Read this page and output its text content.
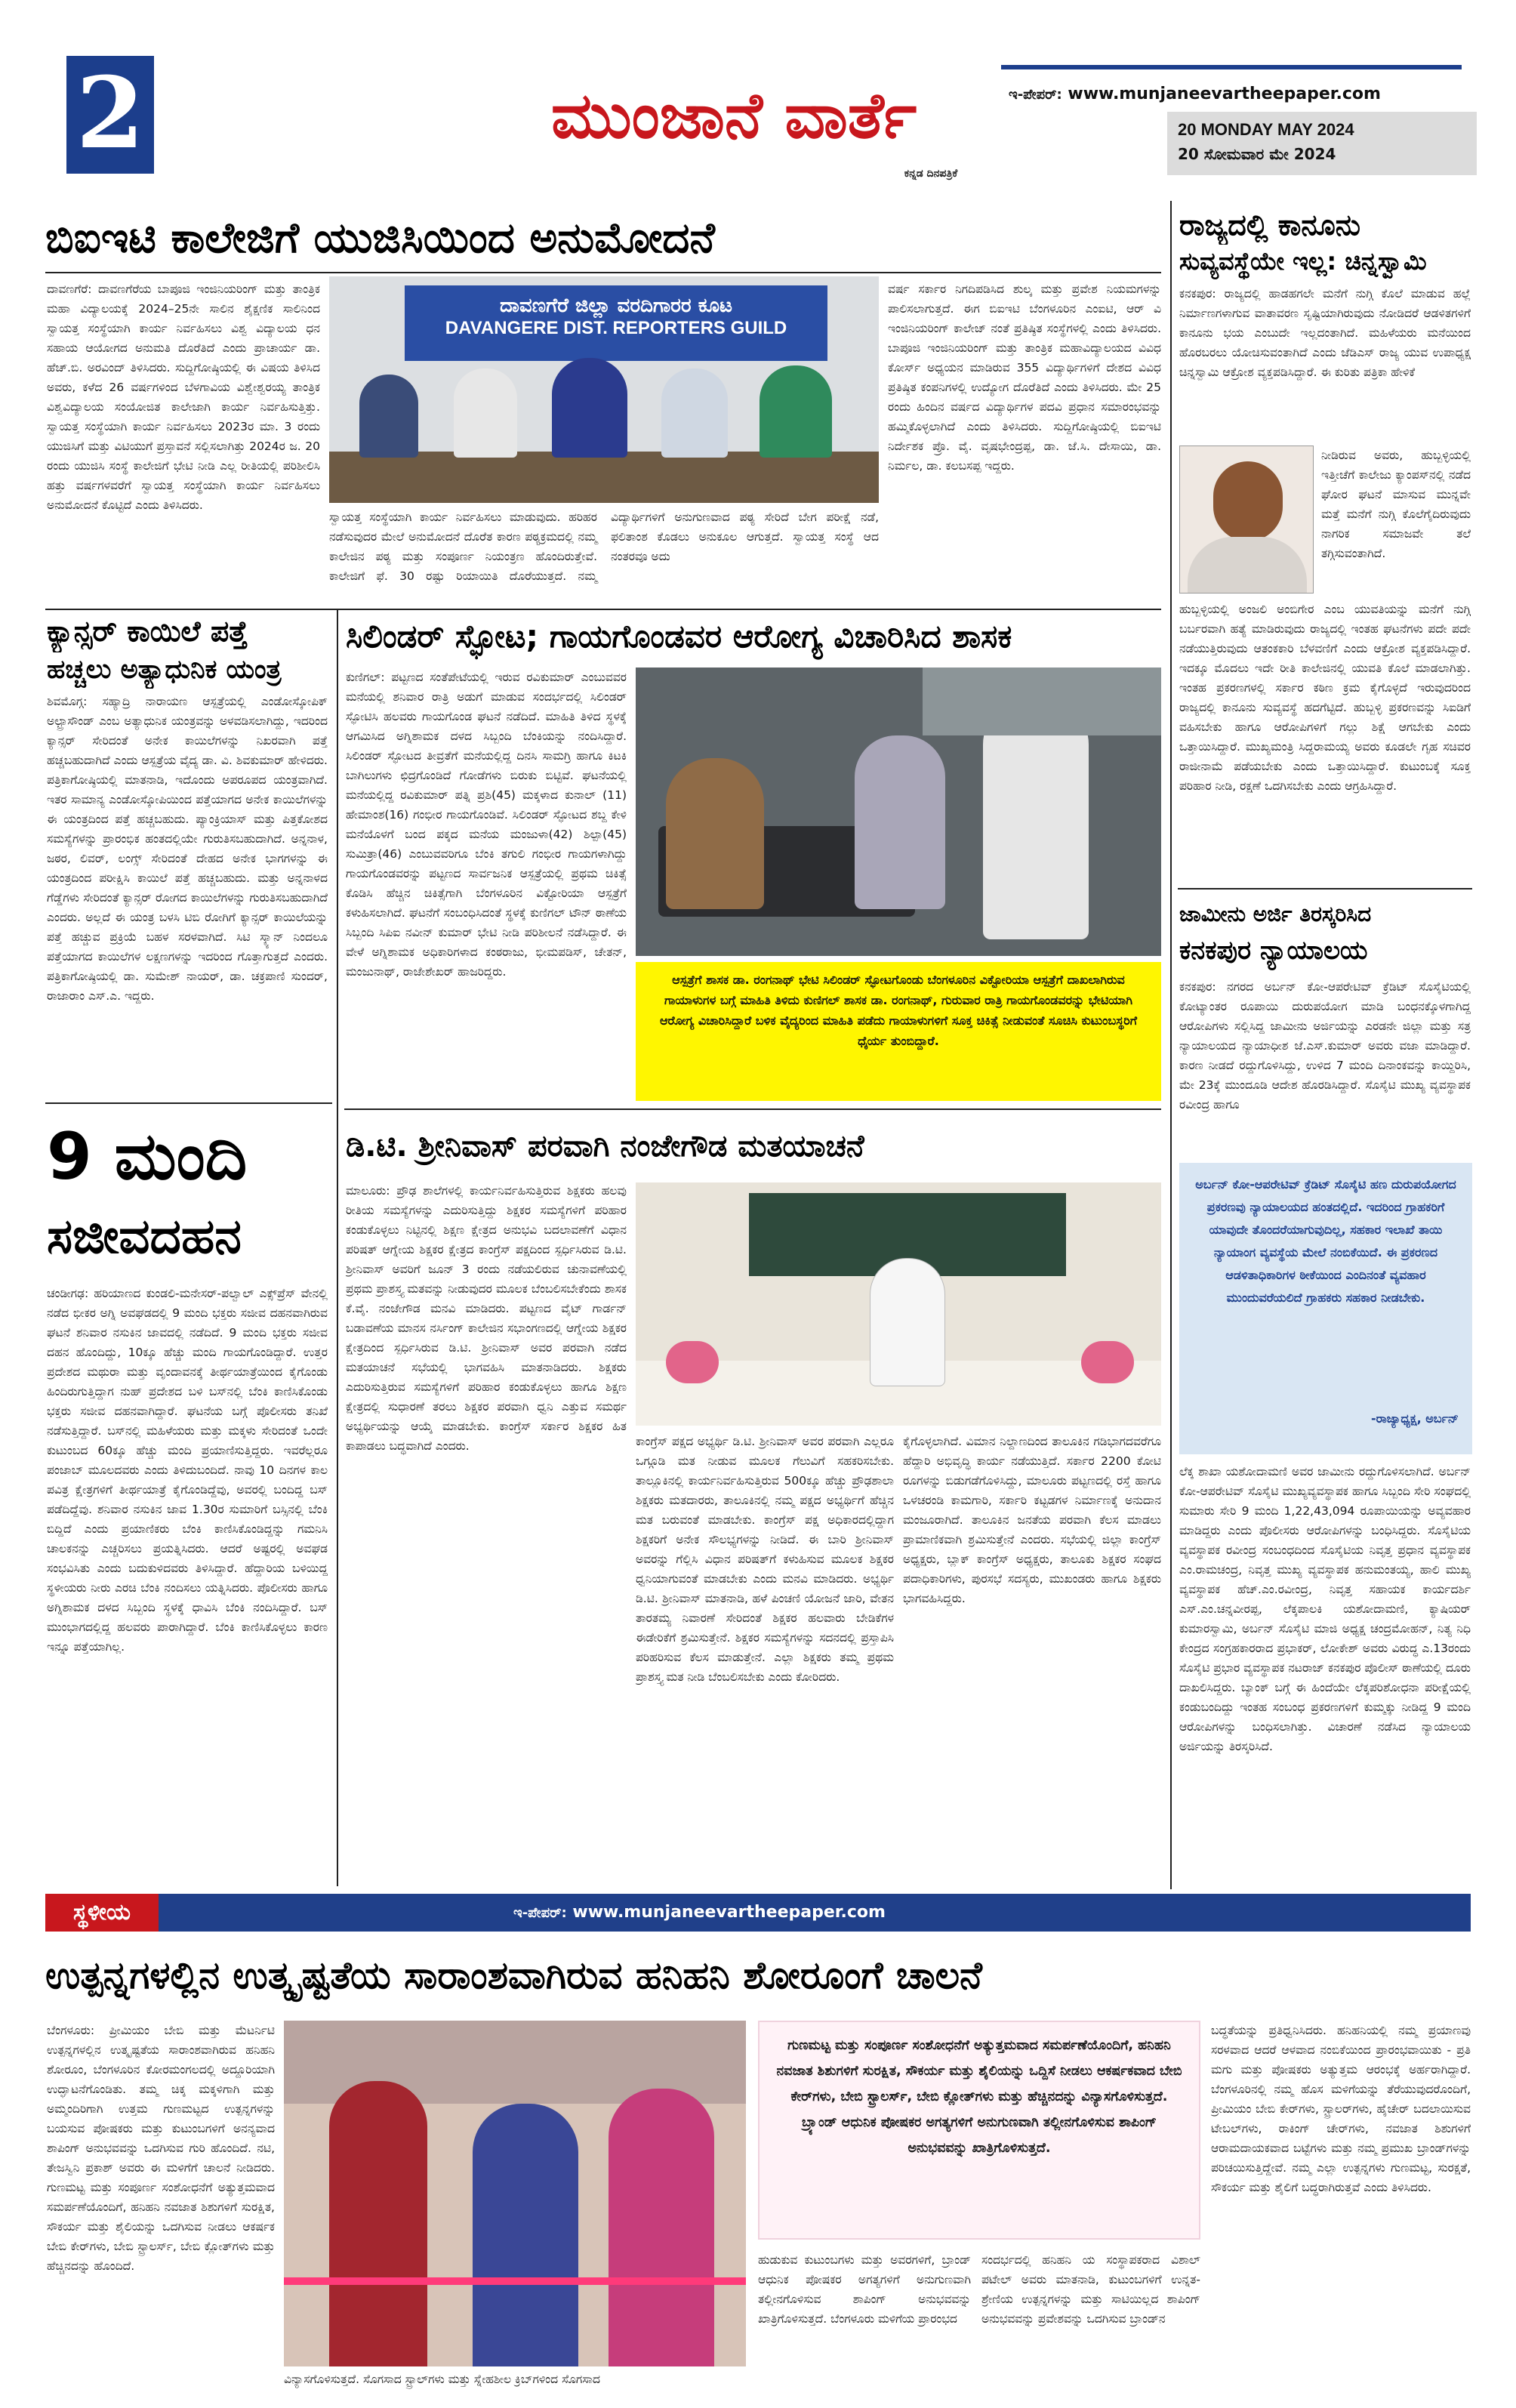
2	ಮುಂಜಾನೆ ವಾರ್ತೆ
ಕನ್ನಡ ದಿನಪತ್ರಿಕೆ
ಇ-ಪೇಪರ್: www.munjaneevartheepaper.com
20 MONDAY MAY 2024
20 ಸೋಮವಾರ ಮೇ 2024
ಬಿಐಇಟಿ ಕಾಲೇಜಿಗೆ ಯುಜಿಸಿಯಿಂದ ಅನುಮೋದನೆ
ದಾವಣಗೆರೆ: ದಾವಣಗೆರೆಯ ಬಾಪೂಜಿ ಇಂಜಿನಿಯರಿಂಗ್ ಮತ್ತು ತಾಂತ್ರಿಕ ಮಹಾ ವಿದ್ಯಾಲಯಕ್ಕೆ 2024–25ನೇ ಸಾಲಿನ ಶೈಕ್ಷಣಿಕ ಸಾಲಿನಿಂದ ಸ್ವಾಯತ್ತ ಸಂಸ್ಥೆಯಾಗಿ ಕಾರ್ಯ ನಿರ್ವಹಿಸಲು ವಿಶ್ವ ವಿದ್ಯಾಲಯ ಧನ ಸಹಾಯ ಆಯೋಗದ ಅನುಮತಿ ದೊರೆತಿದೆ ಎಂದು ಪ್ರಾಚಾರ್ಯ ಡಾ. ಹೆಚ್.ಬಿ. ಅರವಿಂದ್ ತಿಳಿಸಿದರು. ಸುದ್ದಿಗೋಷ್ಠಿಯಲ್ಲಿ ಈ ವಿಷಯ ತಿಳಿಸಿದ ಅವರು, ಕಳೆದ 26 ವರ್ಷಗಳಿಂದ ಬೆಳಗಾವಿಯ ವಿಶ್ವೇಶ್ವರಯ್ಯ ತಾಂತ್ರಿಕ ವಿಶ್ವವಿದ್ಯಾಲಯ ಸಂಯೋಜಿತ ಕಾಲೇಜಾಗಿ ಕಾರ್ಯ ನಿರ್ವಹಿಸುತ್ತಿತ್ತು. ಸ್ವಾಯತ್ತ ಸಂಸ್ಥೆಯಾಗಿ ಕಾರ್ಯ ನಿರ್ವಹಿಸಲು 2023ರ ಮಾ. 3 ರಂದು ಯುಜಿಸಿಗೆ ಮತ್ತು ವಿಟಿಯುಗೆ ಪ್ರಸ್ತಾವನೆ ಸಲ್ಲಿಸಲಾಗಿತ್ತು 2024ರ ಜ. 20 ರಂದು ಯುಜಿಸಿ ಸಂಸ್ಥೆ ಕಾಲೇಜಿಗೆ ಭೇಟಿ ನೀಡಿ ಎಲ್ಲ ರೀತಿಯಲ್ಲಿ ಪರಿಶೀಲಿಸಿ ಹತ್ತು ವರ್ಷಗಳವರೆಗೆ ಸ್ವಾಯತ್ತ ಸಂಸ್ಥೆಯಾಗಿ ಕಾರ್ಯ ನಿರ್ವಹಿಸಲು ಅನುಮೋದನೆ ಕೊಟ್ಟಿದೆ ಎಂದು ತಿಳಿಸಿದರು.
ದಾವಣಗೆರೆ ಜಿಲ್ಲಾ ವರದಿಗಾರರ ಕೂಟ
DAVANGERE DIST. REPORTERS GUILD
ಸ್ವಾಯತ್ತ ಸಂಸ್ಥೆಯಾಗಿ ಕಾರ್ಯ ನಿರ್ವಹಿಸಲು ಮಾಡುವುದು. ಹರಿಹರ ನಡೆಸುವುದರ ಮೇಲೆ ಅನುಮೋದನೆ ದೊರೆತ ಕಾರಣ ಪಠ್ಯಕ್ರಮದಲ್ಲಿ ನಮ್ಮ ಕಾಲೇಜಿನ ಪಠ್ಯ ಮತ್ತು ಸಂಪೂರ್ಣ ನಿಯಂತ್ರಣ ಹೊಂದಿರುತ್ತೇವೆ. ಕಾಲೇಜಿಗೆ ಫೆ. 30 ರಷ್ಟು ರಿಯಾಯಿತಿ ದೊರೆಯುತ್ತದೆ. ನಮ್ಮ ವಿದ್ಯಾರ್ಥಿಗಳಿಗೆ ಅನುಗುಣವಾದ ಪಠ್ಯ ಸೇರಿದೆ ಬೇಗ ಪರೀಕ್ಷೆ ನಡೆ, ಫಲಿತಾಂಶ ಕೊಡಲು ಅನುಕೂಲ ಆಗುತ್ತದೆ. ಸ್ವಾಯತ್ತ ಸಂಸ್ಥೆ ಆದ ನಂತರವೂ ಅದು
ವರ್ಷ ಸರ್ಕಾರ ನಿಗದಿಪಡಿಸಿದ ಶುಲ್ಕ ಮತ್ತು ಪ್ರವೇಶ ನಿಯಮಗಳನ್ನು ಪಾಲಿಸಲಾಗುತ್ತದೆ. ಈಗ ಬಿಐಇಟಿ ಬೆಂಗಳೂರಿನ ಎಂಐಟಿ, ಆರ್ ವಿ ಇಂಜಿನಿಯರಿಂಗ್ ಕಾಲೇಜ್ ನಂತೆ ಪ್ರತಿಷ್ಠಿತ ಸಂಸ್ಥೆಗಳಲ್ಲಿ ಎಂದು ತಿಳಿಸಿದರು. ಬಾಪೂಜಿ ಇಂಜಿನಿಯರಿಂಗ್ ಮತ್ತು ತಾಂತ್ರಿಕ ಮಹಾವಿದ್ಯಾಲಯದ ವಿವಿಧ ಕೋರ್ಸ್ ಅಧ್ಯಯನ ಮಾಡಿರುವ 355 ವಿದ್ಯಾರ್ಥಿಗಳಿಗೆ ದೇಶದ ವಿವಿಧ ಪ್ರತಿಷ್ಠಿತ ಕಂಪನಿಗಳಲ್ಲಿ ಉದ್ಯೋಗ ದೊರೆತಿದೆ ಎಂದು ತಿಳಿಸಿದರು. ಮೇ 25 ರಂದು ಹಿಂದಿನ ವರ್ಷದ ವಿದ್ಯಾರ್ಥಿಗಳ ಪದವಿ ಪ್ರಧಾನ ಸಮಾರಂಭವನ್ನು ಹಮ್ಮಿಕೊಳ್ಳಲಾಗಿದೆ ಎಂದು ತಿಳಿಸಿದರು. ಸುದ್ದಿಗೋಷ್ಠಿಯಲ್ಲಿ ಬಿಐಇಟಿ ನಿರ್ದೇಶಕ ಪ್ರೊ. ವೈ. ವೃಷಭೇಂದ್ರಪ್ಪ, ಡಾ. ಜೆ.ಸಿ. ದೇಸಾಯಿ, ಡಾ. ನಿರ್ಮಲ, ಡಾ. ಕಲಬಸಪ್ಪ ಇದ್ದರು.
ರಾಜ್ಯದಲ್ಲಿ ಕಾನೂನು
ಸುವ್ಯವಸ್ಥೆಯೇ ಇಲ್ಲ: ಚಿನ್ನಸ್ವಾಮಿ
ಕನಕಪುರ: ರಾಜ್ಯದಲ್ಲಿ ಹಾಡಹಗಲೇ ಮನೆಗೆ ನುಗ್ಗಿ ಕೊಲೆ ಮಾಡುವ ಹಲ್ಲೆ ನಿರ್ಮಾಣಗಳಾಗುವ ವಾತಾವರಣ ಸೃಷ್ಟಿಯಾಗಿರುವುದು ನೋಡಿದರೆ ಆಡಳಿತಗಳಿಗೆ ಕಾನೂನು ಭಯ ಎಂಬುದೇ ಇಲ್ಲದಂತಾಗಿದೆ. ಮಹಿಳೆಯರು ಮನೆಯಿಂದ ಹೊರಬರಲು ಯೋಚಿಸುವಂತಾಗಿದೆ ಎಂದು ಜೆಡಿಎಸ್ ರಾಜ್ಯ ಯುವ ಉಪಾಧ್ಯಕ್ಷ ಚಿನ್ನಸ್ವಾಮಿ ಆಕ್ರೋಶ ವ್ಯಕ್ತಪಡಿಸಿದ್ದಾರೆ. ಈ ಕುರಿತು ಪತ್ರಿಕಾ ಹೇಳಿಕೆ
ನೀಡಿರುವ ಅವರು, ಹುಬ್ಬಳ್ಳಿಯಲ್ಲಿ ಇತ್ತೀಚೆಗೆ ಕಾಲೇಜು ಕ್ಯಾಂಪಸ್‌ನಲ್ಲಿ ನಡೆದ ಘೋರ ಘಟನೆ ಮಾಸುವ ಮುನ್ನವೇ ಮತ್ತೆ ಮನೆಗೆ ನುಗ್ಗಿ ಕೊಲೆಗೈದಿರುವುದು ನಾಗರಿಕ ಸಮಾಜವೇ ತಲೆ ತಗ್ಗಿಸುವಂತಾಗಿದೆ.
ಹುಬ್ಬಳ್ಳಿಯಲ್ಲಿ ಅಂಜಲಿ ಅಂಬಿಗೇರ ಎಂಬ ಯುವತಿಯನ್ನು ಮನೆಗೆ ನುಗ್ಗಿ ಬರ್ಬರವಾಗಿ ಹತ್ಯೆ ಮಾಡಿರುವುದು ರಾಜ್ಯದಲ್ಲಿ ಇಂತಹ ಘಟನೆಗಳು ಪದೇ ಪದೇ ನಡೆಯುತ್ತಿರುವುದು ಆತಂಕಕಾರಿ ಬೆಳವಣಿಗೆ ಎಂದು ಆಕ್ರೋಶ ವ್ಯಕ್ತಪಡಿಸಿದ್ದಾರೆ. ಇದಕ್ಕೂ ಮೊದಲು ಇದೇ ರೀತಿ ಕಾಲೇಜಿನಲ್ಲಿ ಯುವತಿ ಕೊಲೆ ಮಾಡಲಾಗಿತ್ತು. ಇಂತಹ ಪ್ರಕರಣಗಳಲ್ಲಿ ಸರ್ಕಾರ ಕಠಿಣ ಕ್ರಮ ಕೈಗೊಳ್ಳದೆ ಇರುವುದರಿಂದ ರಾಜ್ಯದಲ್ಲಿ ಕಾನೂನು ಸುವ್ಯವಸ್ಥೆ ಹದಗೆಟ್ಟಿದೆ. ಹುಬ್ಬಳ್ಳಿ ಪ್ರಕರಣವನ್ನು ಸಿಐಡಿಗೆ ವಹಿಸಬೇಕು ಹಾಗೂ ಆರೋಪಿಗಳಿಗೆ ಗಲ್ಲು ಶಿಕ್ಷೆ ಆಗಬೇಕು ಎಂದು ಒತ್ತಾಯಿಸಿದ್ದಾರೆ. ಮುಖ್ಯಮಂತ್ರಿ ಸಿದ್ದರಾಮಯ್ಯ ಅವರು ಕೂಡಲೇ ಗೃಹ ಸಚಿವರ ರಾಜೀನಾಮೆ ಪಡೆಯಬೇಕು ಎಂದು ಒತ್ತಾಯಿಸಿದ್ದಾರೆ. ಕುಟುಂಬಕ್ಕೆ ಸೂಕ್ತ ಪರಿಹಾರ ನೀಡಿ, ರಕ್ಷಣೆ ಒದಗಿಸಬೇಕು ಎಂದು ಆಗ್ರಹಿಸಿದ್ದಾರೆ.
ಜಾಮೀನು ಅರ್ಜಿ ತಿರಸ್ಕರಿಸಿದ
ಕನಕಪುರ ನ್ಯಾಯಾಲಯ
ಕನಕಪುರ: ನಗರದ ಅರ್ಬನ್ ಕೋ-ಆಪರೇಟಿವ್ ಕ್ರೆಡಿಟ್ ಸೊಸೈಟಿಯಲ್ಲಿ ಕೋಟ್ಯಾಂತರ ರೂಪಾಯಿ ದುರುಪಯೋಗ ಮಾಡಿ ಬಂಧನಕ್ಕೊಳಗಾಗಿದ್ದ ಆರೋಪಿಗಳು ಸಲ್ಲಿಸಿದ್ದ ಜಾಮೀನು ಅರ್ಜಿಯನ್ನು ಎರಡನೇ ಜಿಲ್ಲಾ ಮತ್ತು ಸತ್ರ ನ್ಯಾಯಾಲಯದ ನ್ಯಾಯಾಧೀಶ ಜೆ.ಎಸ್.ಕುಮಾರ್ ಅವರು ವಜಾ ಮಾಡಿದ್ದಾರೆ. ಕಾರಣ ನೀಡದೆ ರದ್ದುಗೊಳಿಸಿದ್ದು, ಉಳಿದ 7 ಮಂದಿ ದಿನಾಂಕವನ್ನು ಕಾಯ್ದಿರಿಸಿ, ಮೇ 23ಕ್ಕೆ ಮುಂದೂಡಿ ಆದೇಶ ಹೊರಡಿಸಿದ್ದಾರೆ. ಸೊಸೈಟಿ ಮುಖ್ಯ ವ್ಯವಸ್ಥಾಪಕ ರವೀಂದ್ರ ಹಾಗೂ
ಅರ್ಬನ್ ಕೋ-ಆಪರೇಟಿವ್ ಕ್ರೆಡಿಟ್ ಸೊಸೈಟಿ ಹಣ ದುರುಪಯೋಗದ ಪ್ರಕರಣವು ನ್ಯಾಯಾಲಯದ ಹಂತದಲ್ಲಿದೆ. ಇದರಿಂದ ಗ್ರಾಹಕರಿಗೆ ಯಾವುದೇ ತೊಂದರೆಯಾಗುವುದಿಲ್ಲ, ಸಹಕಾರ ಇಲಾಖೆ ತಾಯಿ ನ್ಯಾಯಾಂಗ ವ್ಯವಸ್ಥೆಯ ಮೇಲೆ ನಂಬಿಕೆಯಿದೆ. ಈ ಪ್ರಕರಣದ ಆಡಳಿತಾಧಿಕಾರಿಗಳ ಠೀಕೆಯಿಂದ ಎಂದಿನಂತೆ ವ್ಯವಹಾರ ಮುಂದುವರೆಯಲಿದೆ ಗ್ರಾಹಕರು ಸಹಕಾರ ನೀಡಬೇಕು.
-ರಾಜ್ಯಾಧ್ಯಕ್ಷ, ಅರ್ಬನ್
ಲೆಕ್ಕ ಶಾಖಾ ಯಶೋದಾಮಣಿ ಅವರ ಜಾಮೀನು ರದ್ದುಗೊಳಿಸಲಾಗಿದೆ. ಅರ್ಬನ್ ಕೋ-ಆಪರೇಟಿವ್ ಸೊಸೈಟಿ ಮುಖ್ಯವ್ಯವಸ್ಥಾಪಕ ಹಾಗೂ ಸಿಬ್ಬಂದಿ ಸೇರಿ ಸಂಘದಲ್ಲಿ ಸುಮಾರು ಸೇರಿ 9 ಮಂದಿ 1,22,43,094 ರೂಪಾಯಿಯನ್ನು ಅವ್ಯವಹಾರ ಮಾಡಿದ್ದರು ಎಂದು ಪೊಲೀಸರು ಆರೋಪಿಗಳನ್ನು ಬಂಧಿಸಿದ್ದರು. ಸೊಸೈಟಿಯ ವ್ಯವಸ್ಥಾಪಕ ರವೀಂದ್ರ ಸಂಬಂಧದಿಂದ ಸೊಸೈಟಿಯ ನಿವೃತ್ತ ಪ್ರಧಾನ ವ್ಯವಸ್ಥಾಪಕ ಎಂ.ರಾಮಚಂದ್ರ, ನಿವೃತ್ತ ಮುಖ್ಯ ವ್ಯವಸ್ಥಾಪಕ ಹನುಮಂತಯ್ಯ, ಹಾಲಿ ಮುಖ್ಯ ವ್ಯವಸ್ಥಾಪಕ ಹೆಚ್.ಎಂ.ರವೀಂದ್ರ, ನಿವೃತ್ತ ಸಹಾಯಕ ಕಾರ್ಯದರ್ಶಿ ಎಸ್.ಎಂ.ಚನ್ನವೀರಪ್ಪ, ಲೆಕ್ಕಪಾಲಕಿ ಯಶೋದಾಮಣಿ, ಕ್ಯಾಷಿಯರ್ ಕುಮಾರಸ್ವಾಮಿ, ಅರ್ಬನ್ ಸೊಸೈಟಿ ಮಾಜಿ ಅಧ್ಯಕ್ಷ ಚಂದ್ರಮೋಹನ್, ನಿತ್ಯ ನಿಧಿ ಕೇಂದ್ರದ ಸಂಗ್ರಹಕಾರರಾದ ಪ್ರಭಾಕರ್, ಲೋಕೇಶ್ ಅವರು ವಿರುದ್ಧ ಎ.13ರಂದು ಸೊಸೈಟಿ ಪ್ರಭಾರ ವ್ಯವಸ್ಥಾಪಕ ನಟರಾಜ್ ಕನಕಪುರ ಪೊಲೀಸ್ ಠಾಣೆಯಲ್ಲಿ ದೂರು ದಾಖಲಿಸಿದ್ದರು. ಬ್ಯಾಂಕ್ ಬಗ್ಗೆ ಈ ಹಿಂದೆಯೇ ಲೆಕ್ಕಪರಿಶೋಧನಾ ಪರೀಕ್ಷೆಯಲ್ಲಿ ಕಂಡುಬಂದಿದ್ದು ಇಂತಹ ಸಂಬಂಧ ಪ್ರಕರಣಗಳಿಗೆ ಕುಮ್ಮಕ್ಕು ನೀಡಿದ್ದ 9 ಮಂದಿ ಆರೋಪಿಗಳನ್ನು ಬಂಧಿಸಲಾಗಿತ್ತು. ವಿಚಾರಣೆ ನಡೆಸಿದ ನ್ಯಾಯಾಲಯ ಅರ್ಜಿಯನ್ನು ತಿರಸ್ಕರಿಸಿದೆ.
ಕ್ಯಾನ್ಸರ್ ಕಾಯಿಲೆ ಪತ್ತೆ
ಹಚ್ಚಲು ಅತ್ಯಾಧುನಿಕ ಯಂತ್ರ
ಶಿವಮೊಗ್ಗ: ಸಹ್ಯಾದ್ರಿ ನಾರಾಯಣ ಆಸ್ಪತ್ರೆಯಲ್ಲಿ ಎಂಡೋಸ್ಕೋಪಿಕ್ ಅಲ್ಟ್ರಾಸೌಂಡ್ ಎಂಬ ಅತ್ಯಾಧುನಿಕ ಯಂತ್ರವನ್ನು ಅಳವಡಿಸಲಾಗಿದ್ದು, ಇದರಿಂದ ಕ್ಯಾನ್ಸರ್ ಸೇರಿದಂತೆ ಅನೇಕ ಕಾಯಿಲೆಗಳನ್ನು ನಿಖರವಾಗಿ ಪತ್ತೆ ಹಚ್ಚಬಹುದಾಗಿದೆ ಎಂದು ಆಸ್ಪತ್ರೆಯ ವೈದ್ಯ ಡಾ. ವಿ. ಶಿವಕುಮಾರ್ ಹೇಳಿದರು. ಪತ್ರಿಕಾಗೋಷ್ಠಿಯಲ್ಲಿ ಮಾತನಾಡಿ, ಇದೊಂದು ಅಪರೂಪದ ಯಂತ್ರವಾಗಿದೆ. ಇತರ ಸಾಮಾನ್ಯ ಎಂಡೋಸ್ಕೋಪಿಯಿಂದ ಪತ್ತೆಯಾಗದ ಅನೇಕ ಕಾಯಿಲೆಗಳನ್ನು ಈ ಯಂತ್ರದಿಂದ ಪತ್ತೆ ಹಚ್ಚಬಹುದು. ಪ್ಯಾಂಕ್ರಿಯಾಸ್ ಮತ್ತು ಪಿತ್ತಕೋಶದ ಸಮಸ್ಯೆಗಳನ್ನು ಪ್ರಾರಂಭಿಕ ಹಂತದಲ್ಲಿಯೇ ಗುರುತಿಸಬಹುದಾಗಿದೆ. ಅನ್ನನಾಳ, ಜಠರ, ಲಿವರ್, ಲಂಗ್ಸ್ ಸೇರಿದಂತೆ ದೇಹದ ಅನೇಕ ಭಾಗಗಳನ್ನು ಈ ಯಂತ್ರದಿಂದ ಪರೀಕ್ಷಿಸಿ ಕಾಯಿಲೆ ಪತ್ತೆ ಹಚ್ಚಬಹುದು. ಮತ್ತು ಅನ್ನನಾಳದ ಗೆಡ್ಡೆಗಳು ಸೇರಿದಂತೆ ಕ್ಯಾನ್ಸರ್ ರೋಗದ ಕಾಯಿಲೆಗಳನ್ನು ಗುರುತಿಸಬಹುದಾಗಿದೆ ಎಂದರು. ಅಲ್ಲದೆ ಈ ಯಂತ್ರ ಬಳಸಿ ಟಿಬಿ ರೋಗಿಗೆ ಕ್ಯಾನ್ಸರ್ ಕಾಯಿಲೆಯನ್ನು ಪತ್ತೆ ಹಚ್ಚುವ ಪ್ರಕ್ರಿಯೆ ಬಹಳ ಸರಳವಾಗಿದೆ. ಸಿಟಿ ಸ್ಕ್ಯಾನ್ ನಿಂದಲೂ ಪತ್ತೆಯಾಗದ ಕಾಯಿಲೆಗಳ ಲಕ್ಷಣಗಳನ್ನು ಇದರಿಂದ ಗೊತ್ತಾಗುತ್ತದೆ ಎಂದರು. ಪತ್ರಿಕಾಗೋಷ್ಠಿಯಲ್ಲಿ ಡಾ. ಸುಮೇಶ್ ನಾಯರ್, ಡಾ. ಚಕ್ರಪಾಣಿ ಸುಂದರ್, ರಾಜಾರಾಂ ಎಸ್.ಎ. ಇದ್ದರು.
ಸಿಲಿಂಡರ್ ಸ್ಫೋಟ; ಗಾಯಗೊಂಡವರ ಆರೋಗ್ಯ ವಿಚಾರಿಸಿದ ಶಾಸಕ
ಕುಣಿಗಲ್: ಪಟ್ಟಣದ ಸಂತೆಪೇಟೆಯಲ್ಲಿ ಇರುವ ರವಿಕುಮಾರ್ ಎಂಬುವವರ ಮನೆಯಲ್ಲಿ ಶನಿವಾರ ರಾತ್ರಿ ಅಡುಗೆ ಮಾಡುವ ಸಂದರ್ಭದಲ್ಲಿ ಸಿಲಿಂಡರ್ ಸ್ಫೋಟಿಸಿ ಹಲವರು ಗಾಯಗೊಂಡ ಘಟನೆ ನಡೆದಿದೆ. ಮಾಹಿತಿ ತಿಳಿದ ಸ್ಥಳಕ್ಕೆ ಆಗಮಿಸಿದ ಅಗ್ನಿಶಾಮಕ ದಳದ ಸಿಬ್ಬಂದಿ ಬೆಂಕಿಯನ್ನು ನಂದಿಸಿದ್ದಾರೆ. ಸಿಲಿಂಡರ್ ಸ್ಫೋಟದ ತೀವ್ರತೆಗೆ ಮನೆಯಲ್ಲಿದ್ದ ದಿನಸಿ ಸಾಮಗ್ರಿ ಹಾಗೂ ಕಿಟಕಿ ಬಾಗಿಲುಗಳು ಛಿದ್ರಗೊಂಡಿದೆ ಗೋಡೆಗಳು ಬಿರುಕು ಬಿಟ್ಟಿವೆ. ಘಟನೆಯಲ್ಲಿ ಮನೆಯಲ್ಲಿದ್ದ ರವಿಕುಮಾರ್ ಪತ್ನಿ ಪ್ರಶಿ(45) ಮಕ್ಕಳಾದ ಕುನಾಲ್ (11) ಹೇಮಾಂಶ(16) ಗಂಭೀರ ಗಾಯಗೊಂಡಿವೆ. ಸಿಲಿಂಡರ್ ಸ್ಫೋಟದ ಶಬ್ದ ಕೇಳಿ ಮನೆಯೊಳಗೆ ಬಂದ ಪಕ್ಕದ ಮನೆಯ ಮಂಜುಳಾ(42) ಶಿಲ್ಪಾ(45) ಸುಮಿತ್ರಾ(46) ಎಂಬುವವರಿಗೂ ಬೆಂಕಿ ತಗುಲಿ ಗಂಭೀರ ಗಾಯಗಳಾಗಿದ್ದು ಗಾಯಗೊಂಡವರನ್ನು ಪಟ್ಟಣದ ಸಾರ್ವಜನಿಕ ಆಸ್ಪತ್ರೆಯಲ್ಲಿ ಪ್ರಥಮ ಚಿಕಿತ್ಸೆ ಕೊಡಿಸಿ ಹೆಚ್ಚಿನ ಚಿಕಿತ್ಸೆಗಾಗಿ ಬೆಂಗಳೂರಿನ ವಿಕ್ಟೋರಿಯಾ ಆಸ್ಪತ್ರೆಗೆ ಕಳುಹಿಸಲಾಗಿದೆ. ಘಟನೆಗೆ ಸಂಬಂಧಿಸಿದಂತೆ ಸ್ಥಳಕ್ಕೆ ಕುಣಿಗಲ್ ಟೌನ್ ಠಾಣೆಯ ಸಿಬ್ಬಂದಿ ಸಿಪಿಐ ನವೀನ್ ಕುಮಾರ್ ಭೇಟಿ ನೀಡಿ ಪರಿಶೀಲನೆ ನಡೆಸಿದ್ದಾರೆ. ಈ ವೇಳೆ ಅಗ್ನಿಶಾಮಕ ಅಧಿಕಾರಿಗಳಾದ ಕಂಠರಾಜು, ಭೀಮಪಡಿಸ್, ಚೇತನ್, ಮಂಜುನಾಥ್, ರಾಜೇಶೇಖರ್ ಹಾಜರಿದ್ದರು.
ಆಸ್ಪತ್ರೆಗೆ ಶಾಸಕ ಡಾ. ರಂಗನಾಥ್ ಭೇಟಿ ಸಿಲಿಂಡರ್ ಸ್ಫೋಟಗೊಂಡು ಬೆಂಗಳೂರಿನ ವಿಕ್ಟೋರಿಯಾ ಆಸ್ಪತ್ರೆಗೆ ದಾಖಲಾಗಿರುವ ಗಾಯಾಳುಗಳ ಬಗ್ಗೆ ಮಾಹಿತಿ ತಿಳಿದು ಕುಣಿಗಲ್ ಶಾಸಕ ಡಾ. ರಂಗನಾಥ್, ಗುರುವಾರ ರಾತ್ರಿ ಗಾಯಗೊಂಡವರನ್ನು ಭೇಟಿಯಾಗಿ ಆರೋಗ್ಯ ವಿಚಾರಿಸಿದ್ದಾರೆ ಬಳಿಕ ವೈದ್ಯರಿಂದ ಮಾಹಿತಿ ಪಡೆದು ಗಾಯಾಳುಗಳಿಗೆ ಸೂಕ್ತ ಚಿಕಿತ್ಸೆ ನೀಡುವಂತೆ ಸೂಚಿಸಿ ಕುಟುಂಬಸ್ಥರಿಗೆ ಧೈರ್ಯ ತುಂಬಿದ್ದಾರೆ.
9 ಮಂದಿ
ಸಜೀವದಹನ
ಚಂಡೀಗಢ: ಹರಿಯಾಣದ ಕುಂಡಲಿ-ಮನೇಸರ್-ಪಲ್ವಾಲ್ ಎಕ್ಸ್‌ಪ್ರೆಸ್ ವೇನಲ್ಲಿ ನಡೆದ ಭೀಕರ ಅಗ್ನಿ ಅವಘಡದಲ್ಲಿ 9 ಮಂದಿ ಭಕ್ತರು ಸಜೀವ ದಹನವಾಗಿರುವ ಘಟನೆ ಶನಿವಾರ ನಸುಕಿನ ಜಾವದಲ್ಲಿ ನಡೆದಿದೆ. 9 ಮಂದಿ ಭಕ್ತರು ಸಜೀವ ದಹನ ಹೊಂದಿದ್ದು, 10ಕ್ಕೂ ಹೆಚ್ಚು ಮಂದಿ ಗಾಯಗೊಂಡಿದ್ದಾರೆ. ಉತ್ತರ ಪ್ರದೇಶದ ಮಥುರಾ ಮತ್ತು ವೃಂದಾವನಕ್ಕೆ ತೀರ್ಥಯಾತ್ರೆಯಿಂದ ಕೈಗೊಂಡು ಹಿಂದಿರುಗುತ್ತಿದ್ದಾಗ ನುಹ್ ಪ್ರದೇಶದ ಬಳಿ ಬಸ್‌ನಲ್ಲಿ ಬೆಂಕಿ ಕಾಣಿಸಿಕೊಂಡು ಭಕ್ತರು ಸಜೀವ ದಹನವಾಗಿದ್ದಾರೆ. ಘಟನೆಯ ಬಗ್ಗೆ ಪೊಲೀಸರು ತನಿಖೆ ನಡೆಸುತ್ತಿದ್ದಾರೆ. ಬಸ್‌ನಲ್ಲಿ ಮಹಿಳೆಯರು ಮತ್ತು ಮಕ್ಕಳು ಸೇರಿದಂತೆ ಒಂದೇ ಕುಟುಂಬದ 60ಕ್ಕೂ ಹೆಚ್ಚು ಮಂದಿ ಪ್ರಯಾಣಿಸುತ್ತಿದ್ದರು. ಇವರೆಲ್ಲರೂ ಪಂಜಾಬ್ ಮೂಲದವರು ಎಂದು ತಿಳಿದುಬಂದಿದೆ. ನಾವು 10 ದಿನಗಳ ಕಾಲ ಪವಿತ್ರ ಕ್ಷೇತ್ರಗಳಿಗೆ ತೀರ್ಥಯಾತ್ರೆ ಕೈಗೊಂಡಿದ್ದೆವು, ಅವರಲ್ಲಿ ಬಂದಿದ್ದ ಬಸ್ ಪಡೆದಿದ್ದೆವು. ಶನಿವಾರ ನಸುಕಿನ ಜಾವ 1.30ರ ಸುಮಾರಿಗೆ ಬಸ್ಸಿನಲ್ಲಿ ಬೆಂಕಿ ಬಿದ್ದಿದೆ ಎಂದು ಪ್ರಯಾಣಿಕರು ಬೆಂಕಿ ಕಾಣಿಸಿಕೊಂಡಿದ್ದನ್ನು ಗಮನಿಸಿ ಚಾಲಕನನ್ನು ಎಚ್ಚರಿಸಲು ಪ್ರಯತ್ನಿಸಿದರು. ಆದರೆ ಅಷ್ಟರಲ್ಲಿ ಅವಘಡ ಸಂಭವಿಸಿತು ಎಂದು ಬದುಕುಳಿದವರು ತಿಳಿಸಿದ್ದಾರೆ. ಹೆದ್ದಾರಿಯ ಬಳಿಯಿದ್ದ ಸ್ಥಳೀಯರು ನೀರು ಎರಚಿ ಬೆಂಕಿ ನಂದಿಸಲು ಯತ್ನಿಸಿದರು. ಪೊಲೀಸರು ಹಾಗೂ ಅಗ್ನಿಶಾಮಕ ದಳದ ಸಿಬ್ಬಂದಿ ಸ್ಥಳಕ್ಕೆ ಧಾವಿಸಿ ಬೆಂಕಿ ನಂದಿಸಿದ್ದಾರೆ. ಬಸ್ ಮುಂಭಾಗದಲ್ಲಿದ್ದ ಹಲವರು ಪಾರಾಗಿದ್ದಾರೆ. ಬೆಂಕಿ ಕಾಣಿಸಿಕೊಳ್ಳಲು ಕಾರಣ ಇನ್ನೂ ಪತ್ತೆಯಾಗಿಲ್ಲ.
ಡಿ.ಟಿ. ಶ್ರೀನಿವಾಸ್ ಪರವಾಗಿ ನಂಜೇಗೌಡ ಮತಯಾಚನೆ
ಮಾಲೂರು: ಪ್ರೌಢ ಶಾಲೆಗಳಲ್ಲಿ ಕಾರ್ಯನಿರ್ವಹಿಸುತ್ತಿರುವ ಶಿಕ್ಷಕರು ಹಲವು ರೀತಿಯ ಸಮಸ್ಯೆಗಳನ್ನು ಎದುರಿಸುತ್ತಿದ್ದು ಶಿಕ್ಷಕರ ಸಮಸ್ಯೆಗಳಿಗೆ ಪರಿಹಾರ ಕಂಡುಕೊಳ್ಳಲು ನಿಟ್ಟಿನಲ್ಲಿ ಶಿಕ್ಷಣ ಕ್ಷೇತ್ರದ ಅನುಭವಿ ಬದಲಾವಣೆಗೆ ವಿಧಾನ ಪರಿಷತ್ ಆಗ್ನೇಯ ಶಿಕ್ಷಕರ ಕ್ಷೇತ್ರದ ಕಾಂಗ್ರೆಸ್ ಪಕ್ಷದಿಂದ ಸ್ಪರ್ಧಿಸಿರುವ ಡಿ.ಟಿ. ಶ್ರೀನಿವಾಸ್ ಅವರಿಗೆ ಜೂನ್ 3 ರಂದು ನಡೆಯಲಿರುವ ಚುನಾವಣೆಯಲ್ಲಿ ಪ್ರಥಮ ಪ್ರಾಶಸ್ತ್ಯ ಮತವನ್ನು ನೀಡುವುದರ ಮೂಲಕ ಬೆಂಬಲಿಸಬೇಕೆಂದು ಶಾಸಕ ಕೆ.ವೈ. ನಂಜೇಗೌಡ ಮನವಿ ಮಾಡಿದರು. ಪಟ್ಟಣದ ವೈಟ್ ಗಾರ್ಡನ್ ಬಡಾವಣೆಯ ಮಾನಸ ನರ್ಸಿಂಗ್ ಕಾಲೇಜಿನ ಸಭಾಂಗಣದಲ್ಲಿ ಆಗ್ನೇಯ ಶಿಕ್ಷಕರ ಕ್ಷೇತ್ರದಿಂದ ಸ್ಪರ್ಧಿಸಿರುವ ಡಿ.ಟಿ. ಶ್ರೀನಿವಾಸ್ ಅವರ ಪರವಾಗಿ ನಡೆದ ಮತಯಾಚನೆ ಸಭೆಯಲ್ಲಿ ಭಾಗವಹಿಸಿ ಮಾತನಾಡಿದರು. ಶಿಕ್ಷಕರು ಎದುರಿಸುತ್ತಿರುವ ಸಮಸ್ಯೆಗಳಿಗೆ ಪರಿಹಾರ ಕಂಡುಕೊಳ್ಳಲು ಹಾಗೂ ಶಿಕ್ಷಣ ಕ್ಷೇತ್ರದಲ್ಲಿ ಸುಧಾರಣೆ ತರಲು ಶಿಕ್ಷಕರ ಪರವಾಗಿ ಧ್ವನಿ ಎತ್ತುವ ಸಮರ್ಥ ಅಭ್ಯರ್ಥಿಯನ್ನು ಆಯ್ಕೆ ಮಾಡಬೇಕು. ಕಾಂಗ್ರೆಸ್ ಸರ್ಕಾರ ಶಿಕ್ಷಕರ ಹಿತ ಕಾಪಾಡಲು ಬದ್ಧವಾಗಿದೆ ಎಂದರು.	ಕಾಂಗ್ರೆಸ್ ಪಕ್ಷದ ಅಭ್ಯರ್ಥಿ ಡಿ.ಟಿ. ಶ್ರೀನಿವಾಸ್ ಅವರ ಪರವಾಗಿ ಎಲ್ಲರೂ ಒಗ್ಗೂಡಿ ಮತ ನೀಡುವ ಮೂಲಕ ಗೆಲುವಿಗೆ ಸಹಕರಿಸಬೇಕು. ತಾಲ್ಲೂಕಿನಲ್ಲಿ ಕಾರ್ಯನಿರ್ವಹಿಸುತ್ತಿರುವ 500ಕ್ಕೂ ಹೆಚ್ಚು ಪ್ರೌಢಶಾಲಾ ಶಿಕ್ಷಕರು ಮತದಾರರು, ತಾಲೂಕಿನಲ್ಲಿ ನಮ್ಮ ಪಕ್ಷದ ಅಭ್ಯರ್ಥಿಗೆ ಹೆಚ್ಚಿನ ಮತ ಬರುವಂತೆ ಮಾಡಬೇಕು. ಕಾಂಗ್ರೆಸ್ ಪಕ್ಷ ಅಧಿಕಾರದಲ್ಲಿದ್ದಾಗ ಶಿಕ್ಷಕರಿಗೆ ಅನೇಕ ಸೌಲಭ್ಯಗಳನ್ನು ನೀಡಿದೆ. ಈ ಬಾರಿ ಶ್ರೀನಿವಾಸ್ ಅವರನ್ನು ಗೆಲ್ಲಿಸಿ ವಿಧಾನ ಪರಿಷತ್‌ಗೆ ಕಳುಹಿಸುವ ಮೂಲಕ ಶಿಕ್ಷಕರ ಧ್ವನಿಯಾಗುವಂತೆ ಮಾಡಬೇಕು ಎಂದು ಮನವಿ ಮಾಡಿದರು. ಅಭ್ಯರ್ಥಿ ಡಿ.ಟಿ. ಶ್ರೀನಿವಾಸ್ ಮಾತನಾಡಿ, ಹಳೆ ಪಿಂಚಣಿ ಯೋಜನೆ ಜಾರಿ, ವೇತನ ತಾರತಮ್ಯ ನಿವಾರಣೆ ಸೇರಿದಂತೆ ಶಿಕ್ಷಕರ ಹಲವಾರು ಬೇಡಿಕೆಗಳ ಈಡೇರಿಕೆಗೆ ಶ್ರಮಿಸುತ್ತೇನೆ. ಶಿಕ್ಷಕರ ಸಮಸ್ಯೆಗಳನ್ನು ಸದನದಲ್ಲಿ ಪ್ರಸ್ತಾಪಿಸಿ ಪರಿಹರಿಸುವ ಕೆಲಸ ಮಾಡುತ್ತೇನೆ. ಎಲ್ಲಾ ಶಿಕ್ಷಕರು ತಮ್ಮ ಪ್ರಥಮ ಪ್ರಾಶಸ್ತ್ಯ ಮತ ನೀಡಿ ಬೆಂಬಲಿಸಬೇಕು ಎಂದು ಕೋರಿದರು.
ಕೈಗೊಳ್ಳಲಾಗಿದೆ. ವಿಮಾನ ನಿಲ್ದಾಣದಿಂದ ತಾಲೂಕಿನ ಗಡಿಭಾಗದವರೆಗೂ ಹೆದ್ದಾರಿ ಅಭಿವೃದ್ಧಿ ಕಾರ್ಯ ನಡೆಯುತ್ತಿದೆ. ಸರ್ಕಾರ 2200 ಕೋಟಿ ರೂಗಳನ್ನು ಬಿಡುಗಡೆಗೊಳಿಸಿದ್ದು, ಮಾಲೂರು ಪಟ್ಟಣದಲ್ಲಿ ರಸ್ತೆ ಹಾಗೂ ಒಳಚರಂಡಿ ಕಾಮಗಾರಿ, ಸರ್ಕಾರಿ ಕಟ್ಟಡಗಳ ನಿರ್ಮಾಣಕ್ಕೆ ಅನುದಾನ ಮಂಜೂರಾಗಿದೆ. ತಾಲೂಕಿನ ಜನತೆಯ ಪರವಾಗಿ ಕೆಲಸ ಮಾಡಲು ಪ್ರಾಮಾಣಿಕವಾಗಿ ಶ್ರಮಿಸುತ್ತೇನೆ ಎಂದರು. ಸಭೆಯಲ್ಲಿ ಜಿಲ್ಲಾ ಕಾಂಗ್ರೆಸ್ ಅಧ್ಯಕ್ಷರು, ಬ್ಲಾಕ್ ಕಾಂಗ್ರೆಸ್ ಅಧ್ಯಕ್ಷರು, ತಾಲೂಕು ಶಿಕ್ಷಕರ ಸಂಘದ ಪದಾಧಿಕಾರಿಗಳು, ಪುರಸಭೆ ಸದಸ್ಯರು, ಮುಖಂಡರು ಹಾಗೂ ಶಿಕ್ಷಕರು ಭಾಗವಹಿಸಿದ್ದರು.
ಸ್ಥಳೀಯ	ಇ-ಪೇಪರ್: www.munjaneevartheepaper.com
ಉತ್ಪನ್ನಗಳಲ್ಲಿನ ಉತ್ಕೃಷ್ಟತೆಯ ಸಾರಾಂಶವಾಗಿರುವ ಹನಿಹನಿ ಶೋರೂಂಗೆ ಚಾಲನೆ
ಬೆಂಗಳೂರು: ಪ್ರೀಮಿಯಂ ಬೇಬಿ ಮತ್ತು ಮೆಟರ್ನಿಟಿ ಉತ್ಪನ್ನಗಳಲ್ಲಿನ ಉತ್ಕೃಷ್ಟತೆಯ ಸಾರಾಂಶವಾಗಿರುವ ಹನಿಹನಿ ಶೋರೂಂ, ಬೆಂಗಳೂರಿನ ಕೋರಮಂಗಲದಲ್ಲಿ ಅದ್ದೂರಿಯಾಗಿ ಉದ್ಘಾಟನೆಗೊಂಡಿತು. ತಮ್ಮ ಚಿಕ್ಕ ಮಕ್ಕಳಿಗಾಗಿ ಮತ್ತು ಅಮ್ಮಂದಿರಿಗಾಗಿ ಉತ್ತಮ ಗುಣಮಟ್ಟದ ಉತ್ಪನ್ನಗಳನ್ನು ಬಯಸುವ ಪೋಷಕರು ಮತ್ತು ಕುಟುಂಬಗಳಿಗೆ ಅನನ್ಯವಾದ ಶಾಪಿಂಗ್ ಅನುಭವವನ್ನು ಒದಗಿಸುವ ಗುರಿ ಹೊಂದಿದೆ. ನಟಿ, ತೇಜಸ್ವಿನಿ ಪ್ರಕಾಶ್ ಅವರು ಈ ಮಳಿಗೆಗೆ ಚಾಲನೆ ನೀಡಿದರು. ಗುಣಮಟ್ಟ ಮತ್ತು ಸಂಪೂರ್ಣ ಸಂಶೋಧನೆಗೆ ಅತ್ಯುತ್ತಮವಾದ ಸಮರ್ಪಣೆಯೊಂದಿಗೆ, ಹನಿಹನಿ ನವಜಾತ ಶಿಶುಗಳಿಗೆ ಸುರಕ್ಷಿತ, ಸೌಕರ್ಯ ಮತ್ತು ಶೈಲಿಯನ್ನು ಒದಗಿಸುವ ನೀಡಲು ಆಕರ್ಷಕ ಬೇಬಿ ಕೇರ್‌ಗಳು, ಬೇಬಿ ಸ್ಟ್ರಾಲರ್ಸ್, ಬೇಬಿ ಕ್ಲೋತ್‌ಗಳು ಮತ್ತು ಹೆಚ್ಚಿನದನ್ನು ಹೊಂದಿದೆ.
ವಿನ್ಯಾಸಗೊಳಿಸುತ್ತದೆ. ಸೊಗಸಾದ ಸ್ಟ್ರಾಲ್‌ಗಳು ಮತ್ತು ಸ್ನೇಹಶೀಲ ಕ್ರಿಬ್‌ಗಳಿಂದ ಸೊಗಸಾದ
ಗುಣಮಟ್ಟ ಮತ್ತು ಸಂಪೂರ್ಣ ಸಂಶೋಧನೆಗೆ ಅತ್ಯುತ್ತಮವಾದ ಸಮರ್ಪಣೆಯೊಂದಿಗೆ, ಹನಿಹನಿ ನವಜಾತ ಶಿಶುಗಳಿಗೆ ಸುರಕ್ಷಿತ, ಸೌಕರ್ಯ ಮತ್ತು ಶೈಲಿಯನ್ನು ಒದ್ದಿಸೆ ನೀಡಲು ಆಕರ್ಷಕವಾದ ಬೇಬಿ ಕೇರ್‌ಗಳು, ಬೇಬಿ ಸ್ಟ್ರಾಲರ್ಸ್, ಬೇಬಿ ಕ್ಲೋತ್‌ಗಳು ಮತ್ತು ಹೆಚ್ಚಿನದನ್ನು ವಿನ್ಯಾಸಗೊಳಿಸುತ್ತದೆ. ಬ್ರ್ಯಾಂಡ್ ಆಧುನಿಕ ಪೋಷಕರ ಅಗತ್ಯಗಳಿಗೆ ಅನುಗುಣವಾಗಿ ತಲ್ಲೀನಗೊಳಿಸುವ ಶಾಪಿಂಗ್ ಅನುಭವವನ್ನು ಖಾತ್ರಿಗೊಳಿಸುತ್ತದೆ.
ಹುಡುಕುವ ಕುಟುಂಬಗಳು ಮತ್ತು ಅವರಗಳಿಗೆ, ಬ್ರಾಂಡ್ ಆಧುನಿಕ ಪೋಷಕರ ಅಗತ್ಯಗಳಿಗೆ ಅನುಗುಣವಾಗಿ ತಲ್ಲೀನಗೊಳಿಸುವ ಶಾಪಿಂಗ್ ಅನುಭವವನ್ನು ಖಾತ್ರಿಗೊಳಿಸುತ್ತದೆ. ಬೆಂಗಳೂರು ಮಳಿಗೆಯ ಪ್ರಾರಂಭದ
ಸಂದರ್ಭದಲ್ಲಿ ಹನಿಹನಿ ಯ ಸಂಸ್ಥಾಪಕರಾದ ವಿಶಾಲ್ ಪಟೇಲ್ ಅವರು ಮಾತನಾಡಿ, ಕುಟುಂಬಗಳಿಗೆ ಉನ್ನತ-ಶ್ರೇಣಿಯ ಉತ್ಪನ್ನಗಳನ್ನು ಮತ್ತು ಸಾಟಿಯಿಲ್ಲದ ಶಾಪಿಂಗ್ ಅನುಭವವನ್ನು ಪ್ರವೇಶವನ್ನು ಒದಗಿಸುವ ಬ್ರಾಂಡ್‌ನ
ಬದ್ಧತೆಯನ್ನು ಪ್ರತಿಧ್ವನಿಸಿದರು. ಹನಿಹನಿಯಲ್ಲಿ ನಮ್ಮ ಪ್ರಯಾಣವು ಸರಳವಾದ ಆದರೆ ಆಳವಾದ ನಂಬಿಕೆಯಿಂದ ಪ್ರಾರಂಭವಾಯಿತು - ಪ್ರತಿ ಮಗು ಮತ್ತು ಪೋಷಕರು ಅತ್ಯುತ್ತಮ ಆರಂಭಕ್ಕೆ ಅರ್ಹರಾಗಿದ್ದಾರೆ. ಬೆಂಗಳೂರಿನಲ್ಲಿ ನಮ್ಮ ಹೊಸ ಮಳಿಗೆಯನ್ನು ತೆರೆಯುವುದರೊಂದಿಗೆ, ಪ್ರೀಮಿಯಂ ಬೇಬಿ ಕೇರ್‌ಗಳು, ಸ್ಟ್ರಾಲರ್‌ಗಳು, ಹೈಚೇರ್ ಬದಲಾಯಿಸುವ ಟೇಬಲ್‌ಗಳು, ರಾಕಿಂಗ್ ಚೇರ್‌ಗಳು, ನವಜಾತ ಶಿಶುಗಳಿಗೆ ಆರಾಮದಾಯಕವಾದ ಬಟ್ಟೆಗಳು ಮತ್ತು ನಮ್ಮ ಪ್ರಮುಖ ಬ್ರಾಂಡ್‌ಗಳನ್ನು ಪರಿಚಯಿಸುತ್ತಿದ್ದೇವೆ. ನಮ್ಮ ಎಲ್ಲಾ ಉತ್ಪನ್ನಗಳು ಗುಣಮಟ್ಟ, ಸುರಕ್ಷತೆ, ಸೌಕರ್ಯ ಮತ್ತು ಶೈಲಿಗೆ ಬದ್ಧರಾಗಿರುತ್ತವೆ ಎಂದು ತಿಳಿಸಿದರು.
